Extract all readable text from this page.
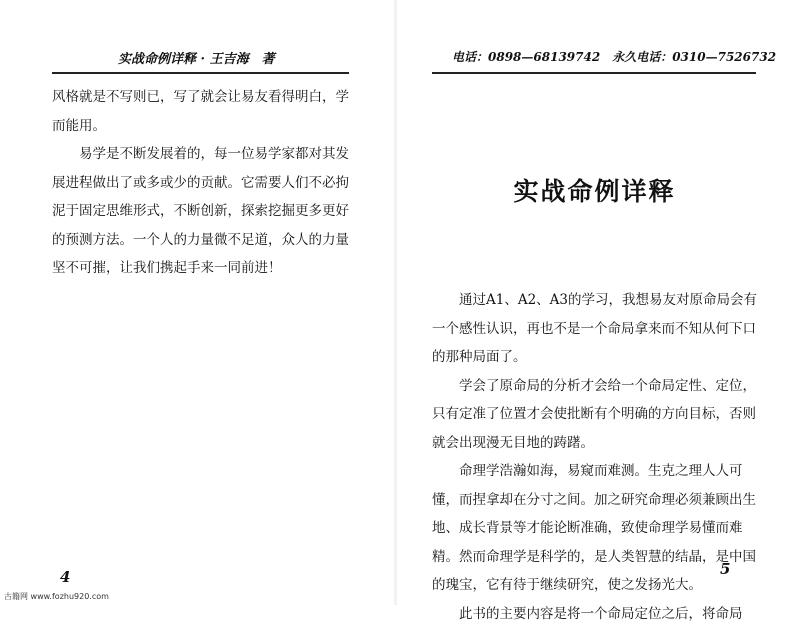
实战命例详释 · 王吉海　著

风格就是不写则已，写了就会让易友看得明白，学而能用。

易学是不断发展着的，每一位易学家都对其发展进程做出了或多或少的贡献。它需要人们不必拘泥于固定思维形式，不断创新，探索挖掘更多更好的预测方法。一个人的力量微不足道，众人的力量坚不可摧，让我们携起手来一同前进！

4
电话：0898—68139742　永久电话：0310—7526732
实战命例详释

通过A1、A2、A3的学习，我想易友对原命局会有一个感性认识，再也不是一个命局拿来而不知从何下口的那种局面了。

学会了原命局的分析才会给一个命局定性、定位，只有定准了位置才会使批断有个明确的方向目标，否则就会出现漫无目地的踌躇。

命理学浩瀚如海，易窥而难测。生克之理人人可懂，而捏拿却在分寸之间。加之研究命理必须兼顾出生地、成长背景等才能论断准确，致使命理学易懂而难精。然而命理学是科学的，是人类智慧的结晶，是中国的瑰宝，它有待于继续研究，使之发扬光大。

此书的主要内容是将一个命局定位之后，将命局

5
古籍网 www.fozhu920.com
